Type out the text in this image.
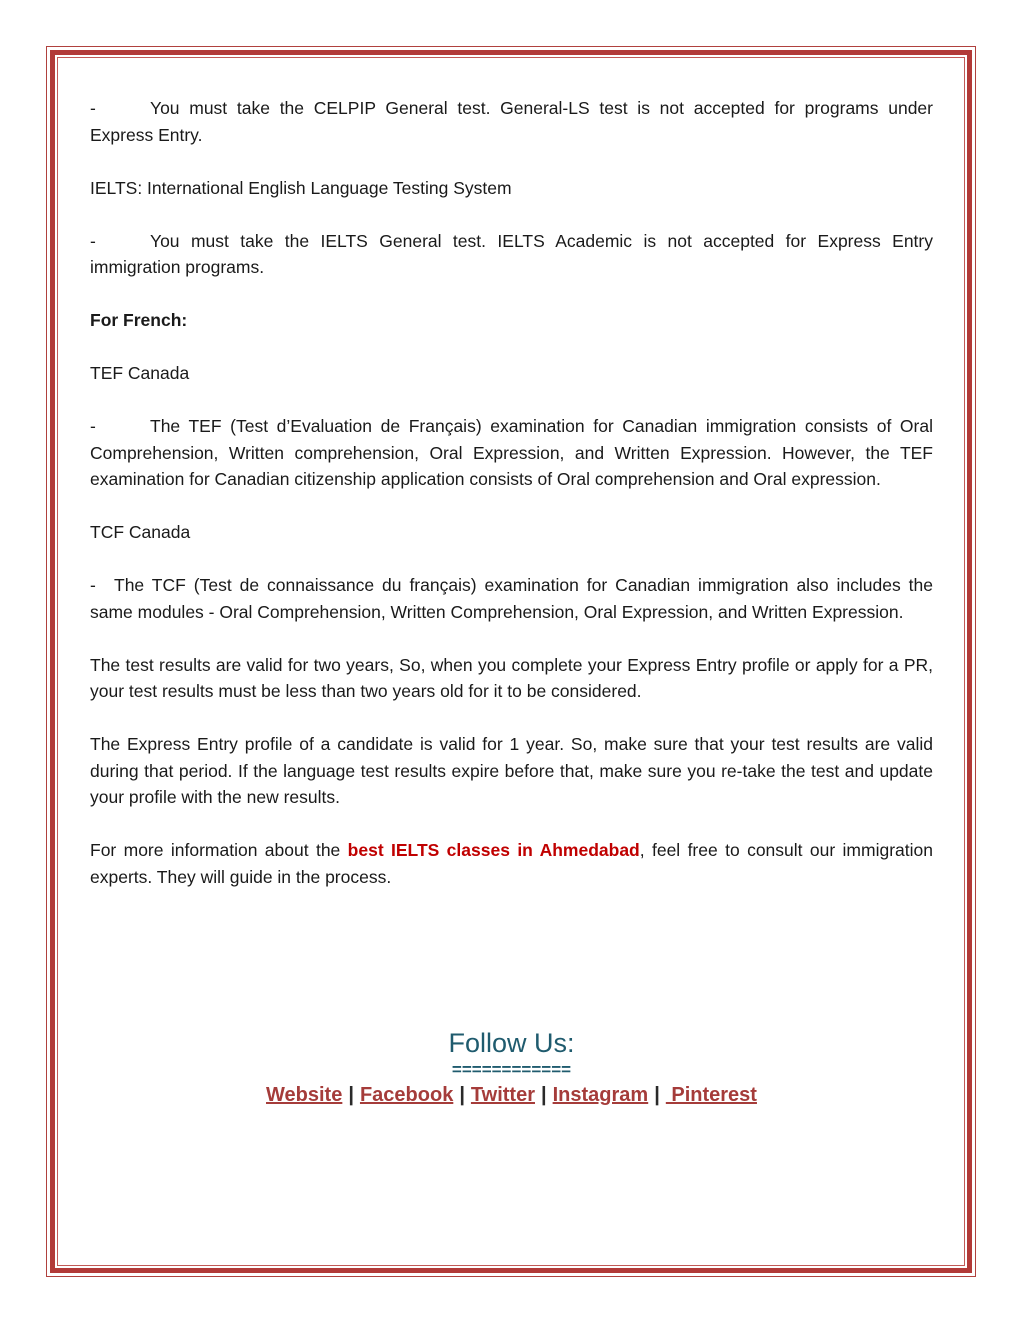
-	You must take the CELPIP General test. General-LS test is not accepted for programs under Express Entry.

IELTS: International English Language Testing System

-	You must take the IELTS General test. IELTS Academic is not accepted for Express Entry immigration programs.

For French:

TEF Canada

-	The TEF (Test d’Evaluation de Français) examination for Canadian immigration consists of Oral Comprehension, Written comprehension, Oral Expression, and Written Expression. However, the TEF examination for Canadian citizenship application consists of Oral comprehension and Oral expression.

TCF Canada

- The TCF (Test de connaissance du français) examination for Canadian immigration also includes the same modules - Oral Comprehension, Written Comprehension, Oral Expression, and Written Expression.

The test results are valid for two years, So, when you complete your Express Entry profile or apply for a PR, your test results must be less than two years old for it to be considered.

The Express Entry profile of a candidate is valid for 1 year. So, make sure that your test results are valid during that period. If the language test results expire before that, make sure you re-take the test and update your profile with the new results.

For more information about the best IELTS classes in Ahmedabad, feel free to consult our immigration experts. They will guide in the process.

Follow Us:
============
Website | Facebook | Twitter | Instagram | Pinterest
